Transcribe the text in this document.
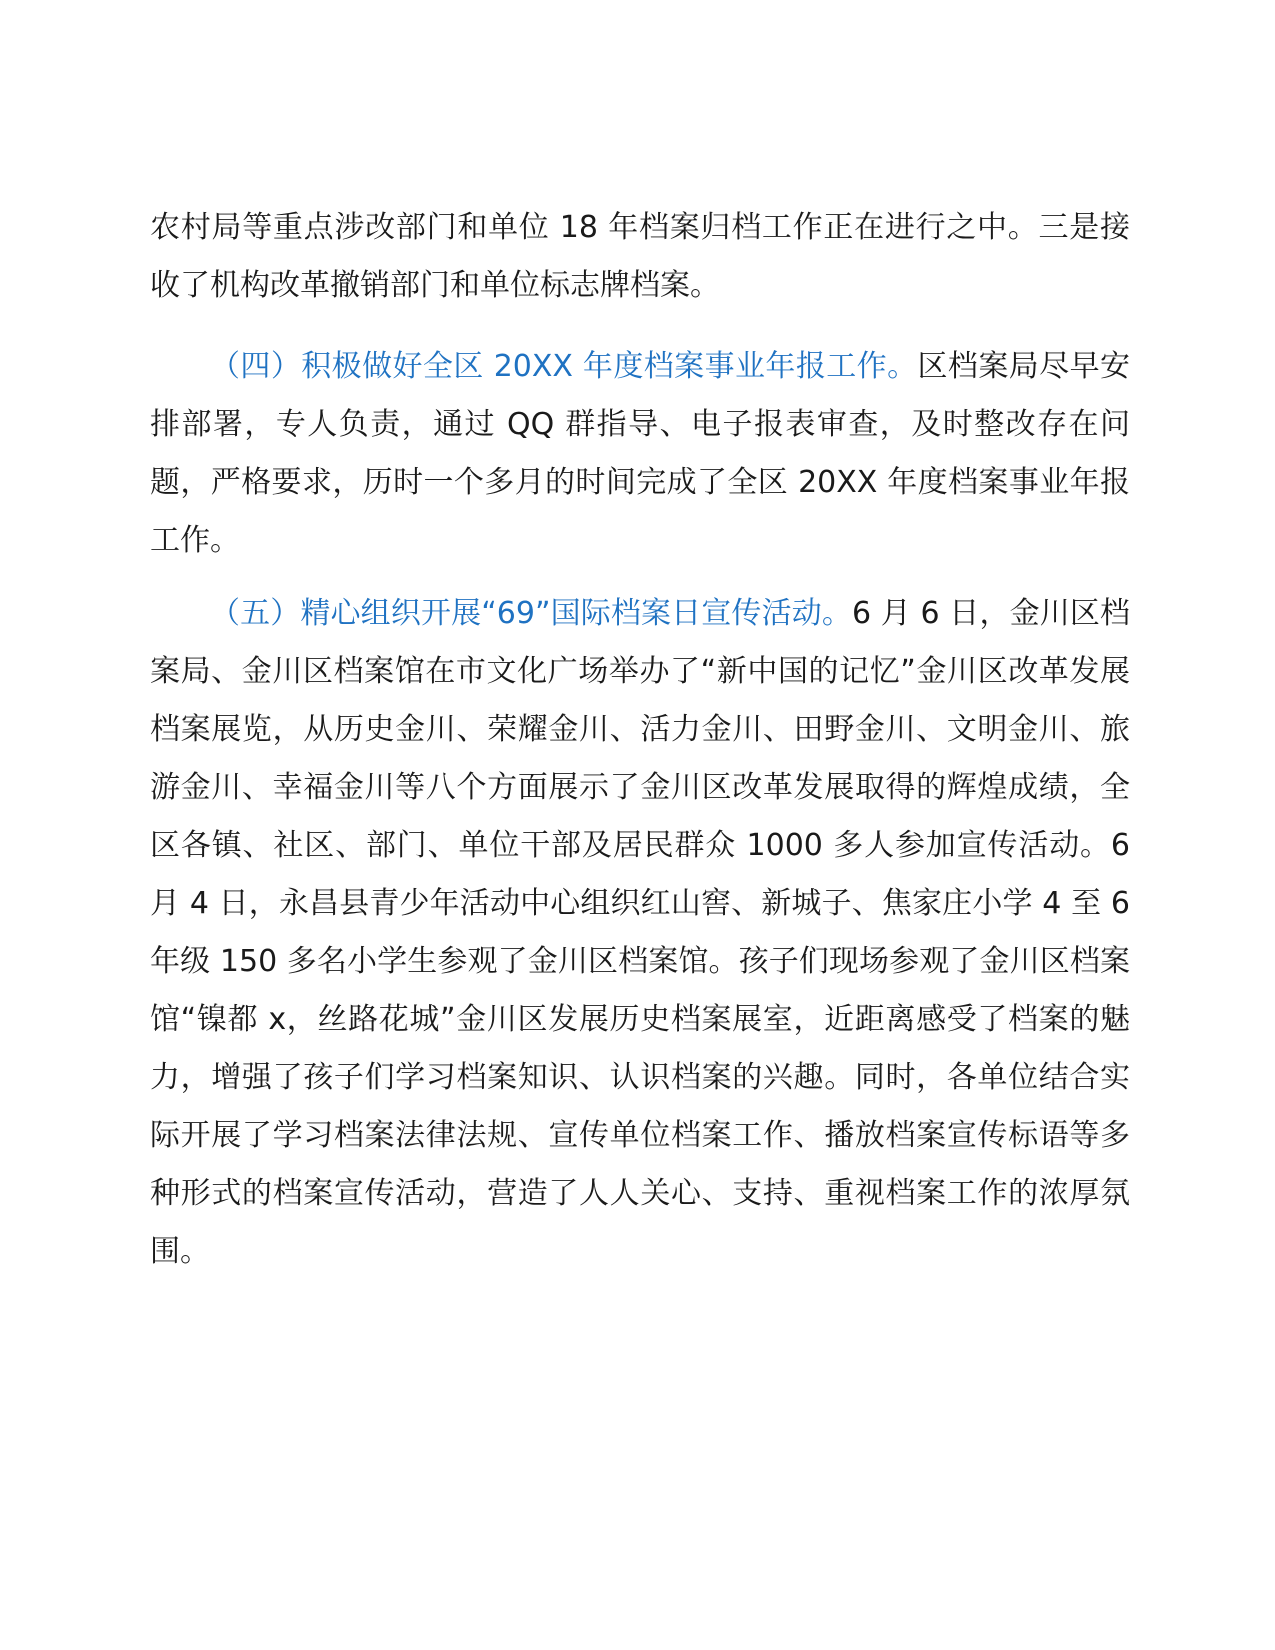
农村局等重点涉改部门和单位 18 年档案归档工作正在进行之中。三是接收了机构改革撤销部门和单位标志牌档案。

（四）积极做好全区 20XX 年度档案事业年报工作。区档案局尽早安排部署，专人负责，通过 QQ 群指导、电子报表审查，及时整改存在问题，严格要求，历时一个多月的时间完成了全区 20XX 年度档案事业年报工作。

（五）精心组织开展“69”国际档案日宣传活动。6 月 6 日，金川区档案局、金川区档案馆在市文化广场举办了“新中国的记忆”金川区改革发展档案展览，从历史金川、荣耀金川、活力金川、田野金川、文明金川、旅游金川、幸福金川等八个方面展示了金川区改革发展取得的辉煌成绩，全区各镇、社区、部门、单位干部及居民群众 1000 多人参加宣传活动。6 月 4 日，永昌县青少年活动中心组织红山窖、新城子、焦家庄小学 4 至 6 年级 150 多名小学生参观了金川区档案馆。孩子们现场参观了金川区档案馆“镍都 x，丝路花城”金川区发展历史档案展室，近距离感受了档案的魅力，增强了孩子们学习档案知识、认识档案的兴趣。同时，各单位结合实际开展了学习档案法律法规、宣传单位档案工作、播放档案宣传标语等多种形式的档案宣传活动，营造了人人关心、支持、重视档案工作的浓厚氛围。
